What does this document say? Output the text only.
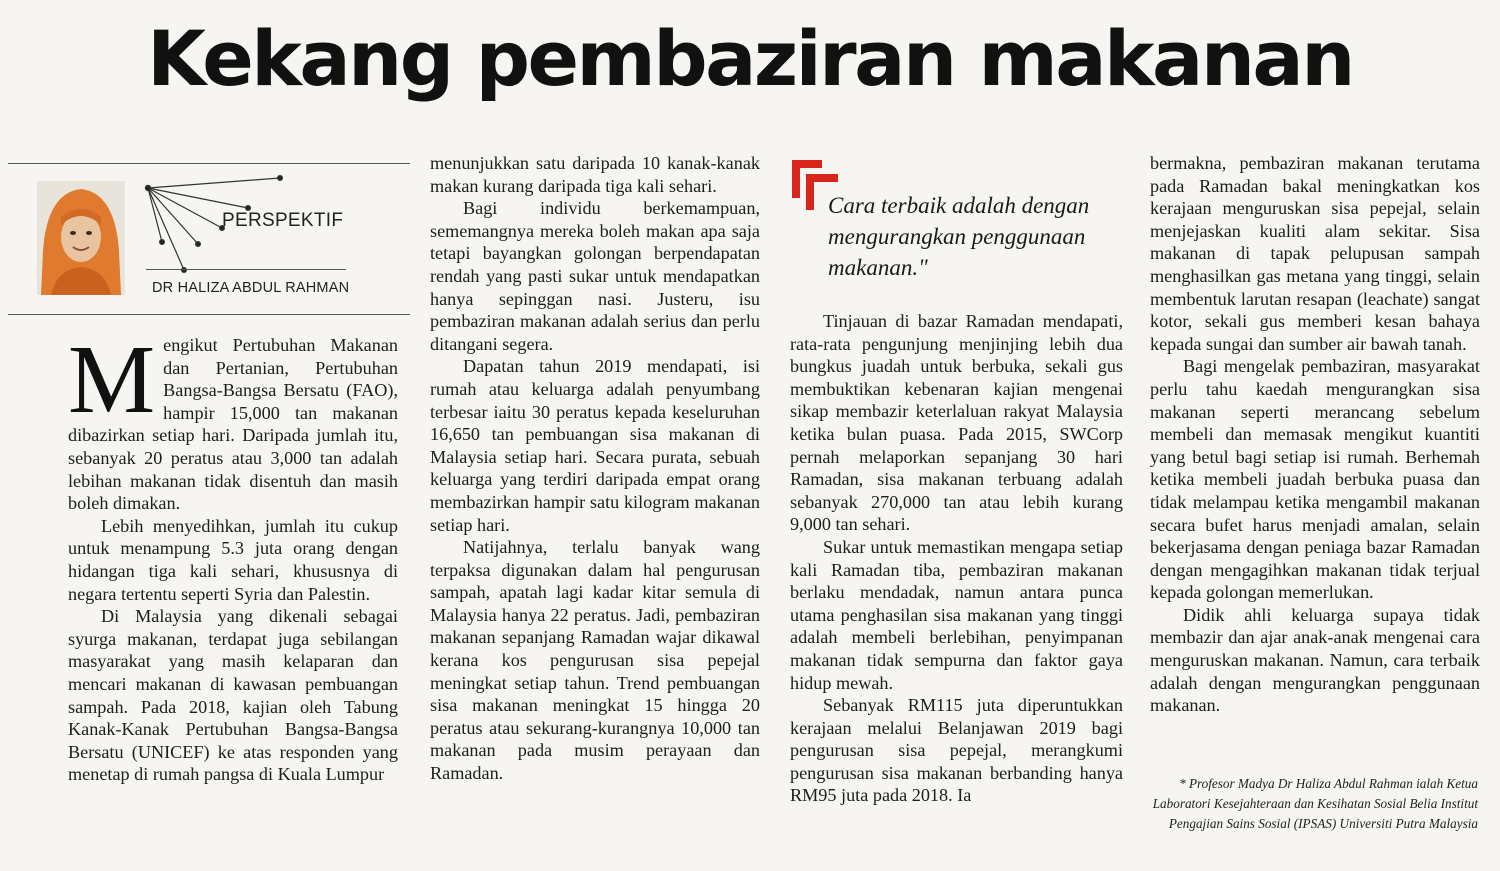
Kekang pembaziran makanan
PERSPEKTIF
DR HALIZA ABDUL RAHMAN

Mengikut Pertubuhan Makanan dan Pertanian, Pertubuhan Bangsa-Bangsa Bersatu (FAO), hampir 15,000 tan makanan dibazirkan setiap hari. Daripada jumlah itu, sebanyak 20 peratus atau 3,000 tan adalah lebihan makanan tidak disentuh dan masih boleh dimakan.

Lebih menyedihkan, jumlah itu cukup untuk menampung 5.3 juta orang dengan hidangan tiga kali sehari, khususnya di negara tertentu seperti Syria dan Palestin.

Di Malaysia yang dikenali sebagai syurga makanan, terdapat juga sebilangan masyarakat yang masih kelaparan dan mencari makanan di kawasan pembuangan sampah. Pada 2018, kajian oleh Tabung Kanak-Kanak Pertubuhan Bangsa-Bangsa Bersatu (UNICEF) ke atas responden yang menetap di rumah pangsa di Kuala Lumpur

menunjukkan satu daripada 10 kanak-kanak makan kurang daripada tiga kali sehari.

Bagi individu berkemampuan, sememangnya mereka boleh makan apa saja tetapi bayangkan golongan berpendapatan rendah yang pasti sukar untuk mendapatkan hanya sepinggan nasi. Justeru, isu pembaziran makanan adalah serius dan perlu ditangani segera.

Dapatan tahun 2019 mendapati, isi rumah atau keluarga adalah penyumbang terbesar iaitu 30 peratus kepada keseluruhan 16,650 tan pembuangan sisa makanan di Malaysia setiap hari. Secara purata, sebuah keluarga yang terdiri daripada empat orang membazirkan hampir satu kilogram makanan setiap hari.

Natijahnya, terlalu banyak wang terpaksa digunakan dalam hal pengurusan sampah, apatah lagi kadar kitar semula di Malaysia hanya 22 peratus. Jadi, pembaziran makanan sepanjang Ramadan wajar dikawal kerana kos pengurusan sisa pepejal meningkat setiap tahun. Trend pembuangan sisa makanan meningkat 15 hingga 20 peratus atau sekurang-kurangnya 10,000 tan makanan pada musim perayaan dan Ramadan.

Cara terbaik adalah dengan mengurangkan penggunaan makanan."

Tinjauan di bazar Ramadan mendapati, rata-rata pengunjung menjinjing lebih dua bungkus juadah untuk berbuka, sekali gus membuktikan kebenaran kajian mengenai sikap membazir keterlaluan rakyat Malaysia ketika bulan puasa. Pada 2015, SWCorp pernah melaporkan sepanjang 30 hari Ramadan, sisa makanan terbuang adalah sebanyak 270,000 tan atau lebih kurang 9,000 tan sehari.

Sukar untuk memastikan mengapa setiap kali Ramadan tiba, pembaziran makanan berlaku mendadak, namun antara punca utama penghasilan sisa makanan yang tinggi adalah membeli berlebihan, penyimpanan makanan tidak sempurna dan faktor gaya hidup mewah.

Sebanyak RM115 juta diperuntukkan kerajaan melalui Belanjawan 2019 bagi pengurusan sisa pepejal, merangkumi pengurusan sisa makanan berbanding hanya RM95 juta pada 2018. Ia

bermakna, pembaziran makanan terutama pada Ramadan bakal meningkatkan kos kerajaan menguruskan sisa pepejal, selain menjejaskan kualiti alam sekitar. Sisa makanan di tapak pelupusan sampah menghasilkan gas metana yang tinggi, selain membentuk larutan resapan (leachate) sangat kotor, sekali gus memberi kesan bahaya kepada sungai dan sumber air bawah tanah.

Bagi mengelak pembaziran, masyarakat perlu tahu kaedah mengurangkan sisa makanan seperti merancang sebelum membeli dan memasak mengikut kuantiti yang betul bagi setiap isi rumah. Berhemah ketika membeli juadah berbuka puasa dan tidak melampau ketika mengambil makanan secara bufet harus menjadi amalan, selain bekerjasama dengan peniaga bazar Ramadan dengan mengagihkan makanan tidak terjual kepada golongan memerlukan.

Didik ahli keluarga supaya tidak membazir dan ajar anak-anak mengenai cara menguruskan makanan. Namun, cara terbaik adalah dengan mengurangkan penggunaan makanan.

* Profesor Madya Dr Haliza Abdul Rahman ialah Ketua Laboratori Kesejahteraan dan Kesihatan Sosial Belia Institut Pengajian Sains Sosial (IPSAS) Universiti Putra Malaysia
